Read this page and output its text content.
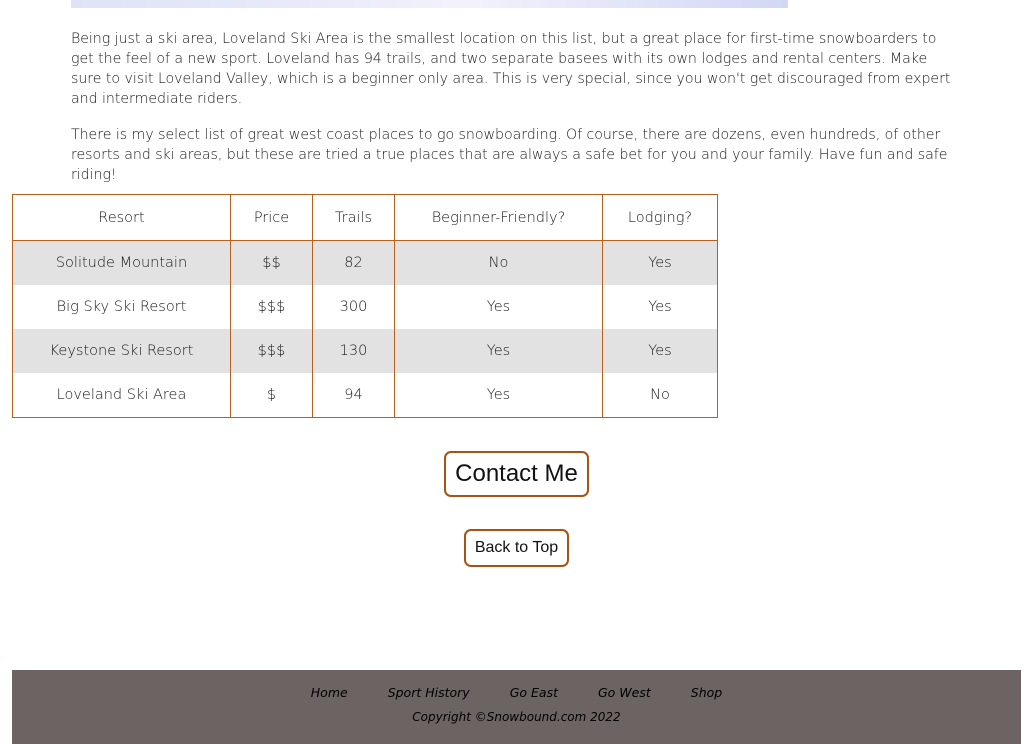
Being just a ski area, Loveland Ski Area is the smallest location on this list, but a great place for first-time snowboarders to get the feel of a new sport. Loveland has 94 trails, and two separate basees with its own lodges and rental centers. Make sure to visit Loveland Valley, which is a beginner only area. This is very special, since you won't get discouraged from expert and intermediate riders.

There is my select list of great west coast places to go snowboarding. Of course, there are dozens, even hundreds, of other resorts and ski areas, but these are tried a true places that are always a safe bet for you and your family. Have fun and safe riding!

Resort	Price	Trails	Beginner-Friendly?	Lodging?
Solitude Mountain	$$	82	No	Yes
Big Sky Ski Resort	$$$	300	Yes	Yes
Keystone Ski Resort	$$$	130	Yes	Yes
Loveland Ski Area	$	94	Yes	No
Contact Me
Back to Top
Home	Sport History	Go East	Go West	Shop
Copyright ©Snowbound.com 2022
